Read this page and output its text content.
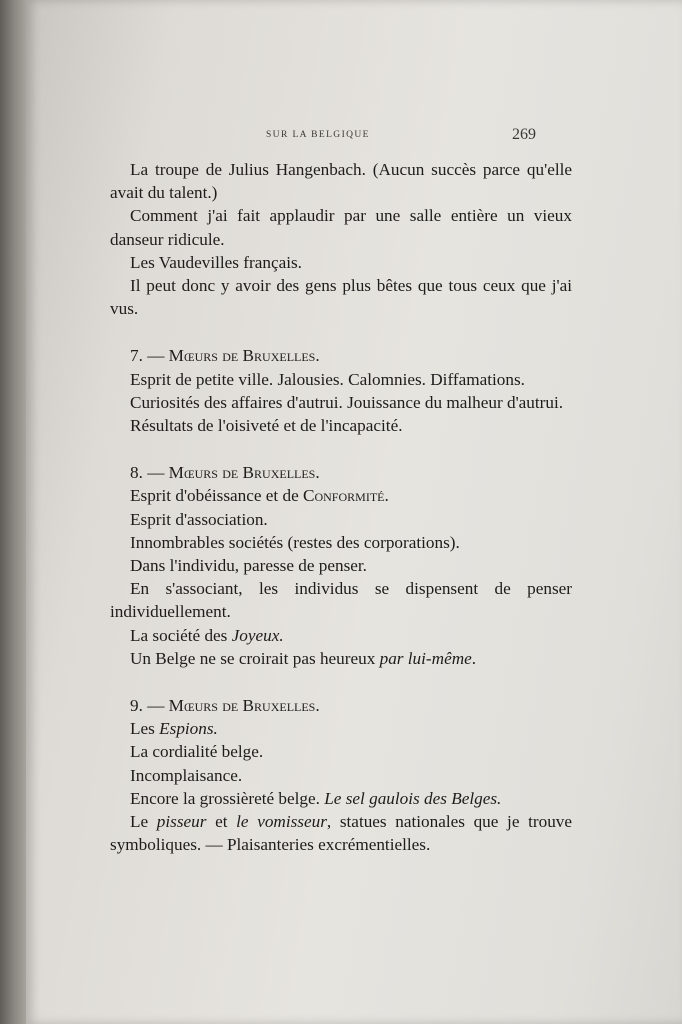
SUR LA BELGIQUE	269

La troupe de Julius Hangenbach. (Aucun succès parce qu'elle avait du talent.)

Comment j'ai fait applaudir par une salle entière un vieux danseur ridicule.

Les Vaudevilles français.

Il peut donc y avoir des gens plus bêtes que tous ceux que j'ai vus.

7. — Mœurs de Bruxelles.

Esprit de petite ville. Jalousies. Calomnies. Diffamations.

Curiosités des affaires d'autrui. Jouissance du malheur d'autrui.

Résultats de l'oisiveté et de l'incapacité.

8. — Mœurs de Bruxelles.

Esprit d'obéissance et de Conformité.

Esprit d'association.

Innombrables sociétés (restes des corporations).

Dans l'individu, paresse de penser.

En s'associant, les individus se dispensent de penser individuellement.

La société des Joyeux.

Un Belge ne se croirait pas heureux par lui-même.

9. — Mœurs de Bruxelles.

Les Espions.

La cordialité belge.

Incomplaisance.

Encore la grossièreté belge. Le sel gaulois des Belges.

Le pisseur et le vomisseur, statues nationales que je trouve symboliques. — Plaisanteries excrémentielles.
